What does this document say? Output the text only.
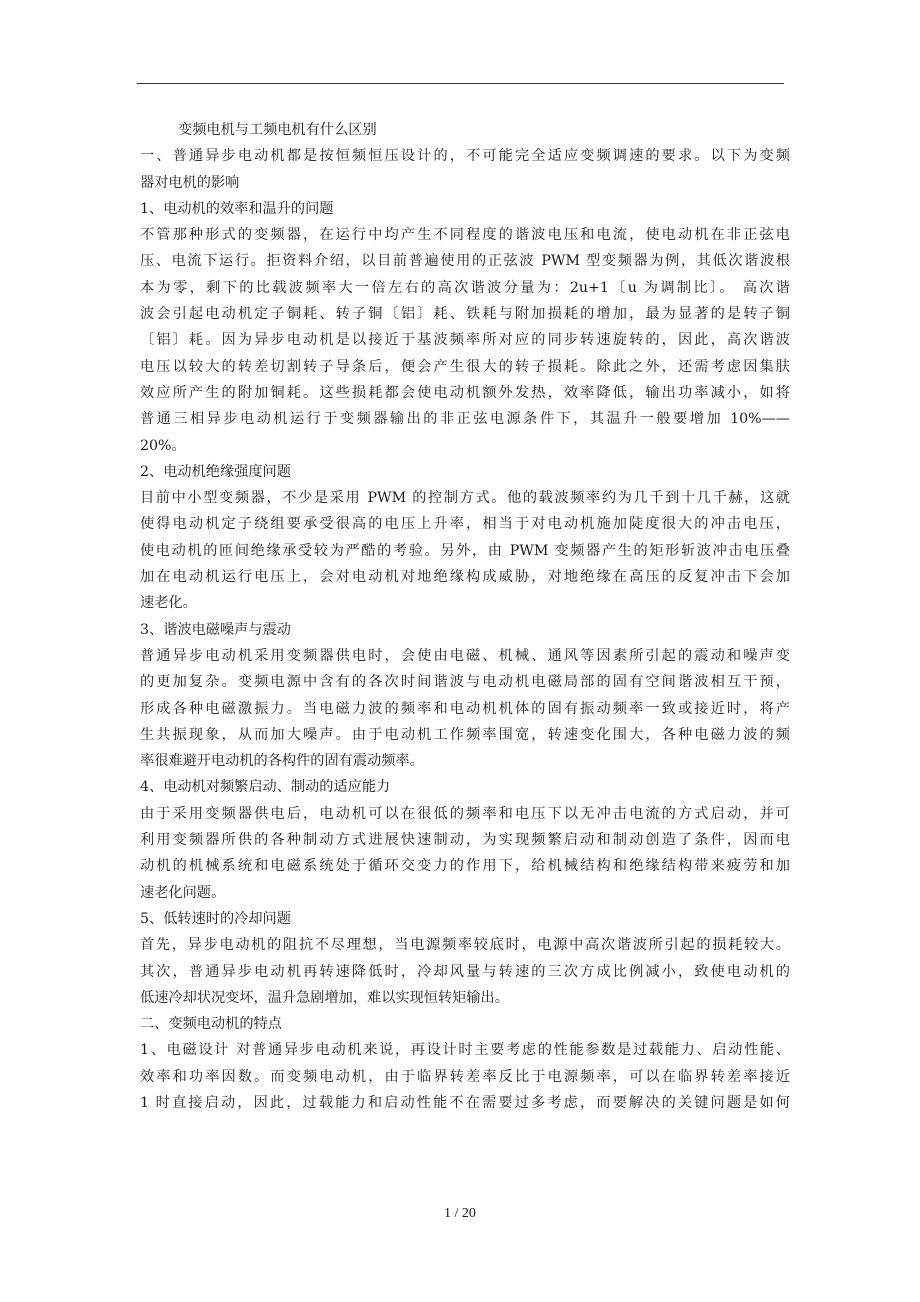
变频电机与工频电机有什么区别
一、普通异步电动机都是按恒频恒压设计的，不可能完全适应变频调速的要求。以下为变频
器对电机的影响
1、电动机的效率和温升的问题
不管那种形式的变频器，在运行中均产生不同程度的谐波电压和电流，使电动机在非正弦电
压、电流下运行。拒资料介绍，以目前普遍使用的正弦波 PWM 型变频器为例，其低次谐波根
本为零，剩下的比载波频率大一倍左右的高次谐波分量为：2u+1〔u 为调制比〕。 高次谐
波会引起电动机定子铜耗、转子铜〔铝〕耗、铁耗与附加损耗的增加，最为显著的是转子铜
〔铝〕耗。因为异步电动机是以接近于基波频率所对应的同步转速旋转的，因此，高次谐波
电压以较大的转差切割转子导条后，便会产生很大的转子损耗。除此之外，还需考虑因集肤
效应所产生的附加铜耗。这些损耗都会使电动机额外发热，效率降低，输出功率减小，如将
普通三相异步电动机运行于变频器输出的非正弦电源条件下，其温升一般要增加 10%——
20%。
2、电动机绝缘强度问题
目前中小型变频器，不少是采用 PWM 的控制方式。他的载波频率约为几千到十几千赫，这就
使得电动机定子绕组要承受很高的电压上升率，相当于对电动机施加陡度很大的冲击电压，
使电动机的匝间绝缘承受较为严酷的考验。另外，由 PWM 变频器产生的矩形斩波冲击电压叠
加在电动机运行电压上，会对电动机对地绝缘构成威胁，对地绝缘在高压的反复冲击下会加
速老化。
3、谐波电磁噪声与震动
普通异步电动机采用变频器供电时，会使由电磁、机械、通风等因素所引起的震动和噪声变
的更加复杂。变频电源中含有的各次时间谐波与电动机电磁局部的固有空间谐波相互干预，
形成各种电磁激振力。当电磁力波的频率和电动机机体的固有振动频率一致或接近时，将产
生共振现象，从而加大噪声。由于电动机工作频率围宽，转速变化围大，各种电磁力波的频
率很难避开电动机的各构件的固有震动频率。
4、电动机对频繁启动、制动的适应能力
由于采用变频器供电后，电动机可以在很低的频率和电压下以无冲击电流的方式启动，并可
利用变频器所供的各种制动方式进展快速制动，为实现频繁启动和制动创造了条件，因而电
动机的机械系统和电磁系统处于循环交变力的作用下，给机械结构和绝缘结构带来疲劳和加
速老化问题。
5、低转速时的冷却问题
首先，异步电动机的阻抗不尽理想，当电源频率较底时，电源中高次谐波所引起的损耗较大。
其次，普通异步电动机再转速降低时，冷却风量与转速的三次方成比例减小，致使电动机的
低速冷却状况变坏，温升急剧增加，难以实现恒转矩输出。
二、变频电动机的特点
1、电磁设计 对普通异步电动机来说，再设计时主要考虑的性能参数是过载能力、启动性能、
效率和功率因数。而变频电动机，由于临界转差率反比于电源频率，可以在临界转差率接近
1 时直接启动，因此，过载能力和启动性能不在需要过多考虑，而要解决的关键问题是如何
1 / 20
